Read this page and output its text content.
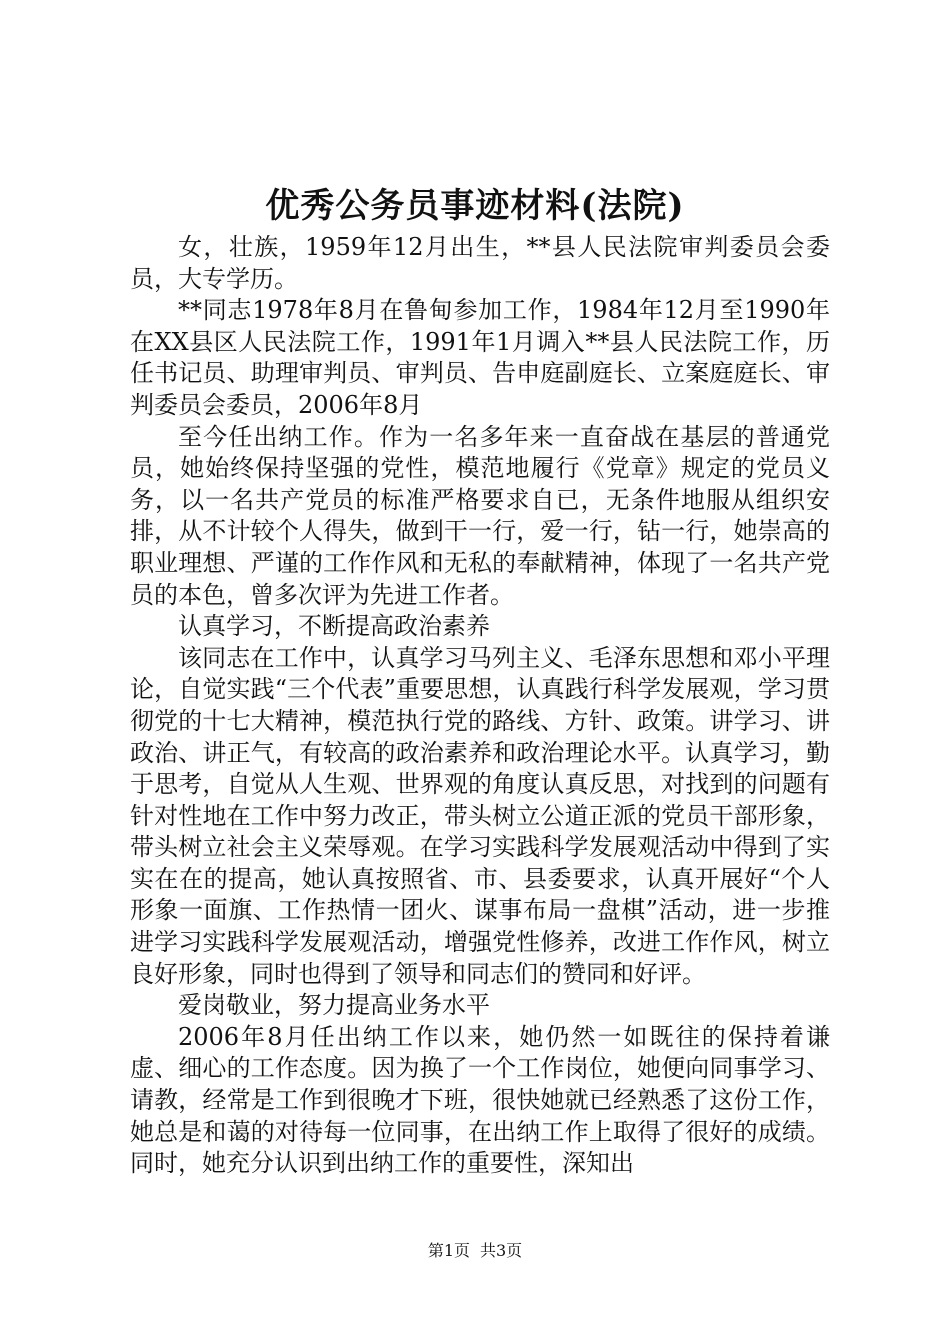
优秀公务员事迹材料(法院)

女，壮族，1959年12月出生，**县人民法院审判委员会委员，大专学历。

**同志1978年8月在鲁甸参加工作，1984年12月至1990年在XX县区人民法院工作，1991年1月调入**县人民法院工作，历任书记员、助理审判员、审判员、告申庭副庭长、立案庭庭长、审判委员会委员，2006年8月

至今任出纳工作。作为一名多年来一直奋战在基层的普通党员，她始终保持坚强的党性，模范地履行《党章》规定的党员义务，以一名共产党员的标准严格要求自已，无条件地服从组织安排，从不计较个人得失，做到干一行，爱一行，钻一行，她崇高的职业理想、严谨的工作作风和无私的奉献精神，体现了一名共产党员的本色，曾多次评为先进工作者。

认真学习，不断提高政治素养

该同志在工作中，认真学习马列主义、毛泽东思想和邓小平理论，自觉实践“三个代表”重要思想，认真践行科学发展观，学习贯彻党的十七大精神，模范执行党的路线、方针、政策。讲学习、讲政治、讲正气，有较高的政治素养和政治理论水平。认真学习，勤于思考，自觉从人生观、世界观的角度认真反思，对找到的问题有针对性地在工作中努力改正，带头树立公道正派的党员干部形象，带头树立社会主义荣辱观。在学习实践科学发展观活动中得到了实实在在的提高，她认真按照省、市、县委要求，认真开展好“个人形象一面旗、工作热情一团火、谋事布局一盘棋”活动，进一步推进学习实践科学发展观活动，增强党性修养，改进工作作风，树立良好形象，同时也得到了领导和同志们的赞同和好评。

爱岗敬业，努力提高业务水平

2006年8月任出纳工作以来，她仍然一如既往的保持着谦虚、细心的工作态度。因为换了一个工作岗位，她便向同事学习、请教，经常是工作到很晚才下班，很快她就已经熟悉了这份工作，她总是和蔼的对待每一位同事，在出纳工作上取得了很好的成绩。同时，她充分认识到出纳工作的重要性，深知出

第1页 共3页
